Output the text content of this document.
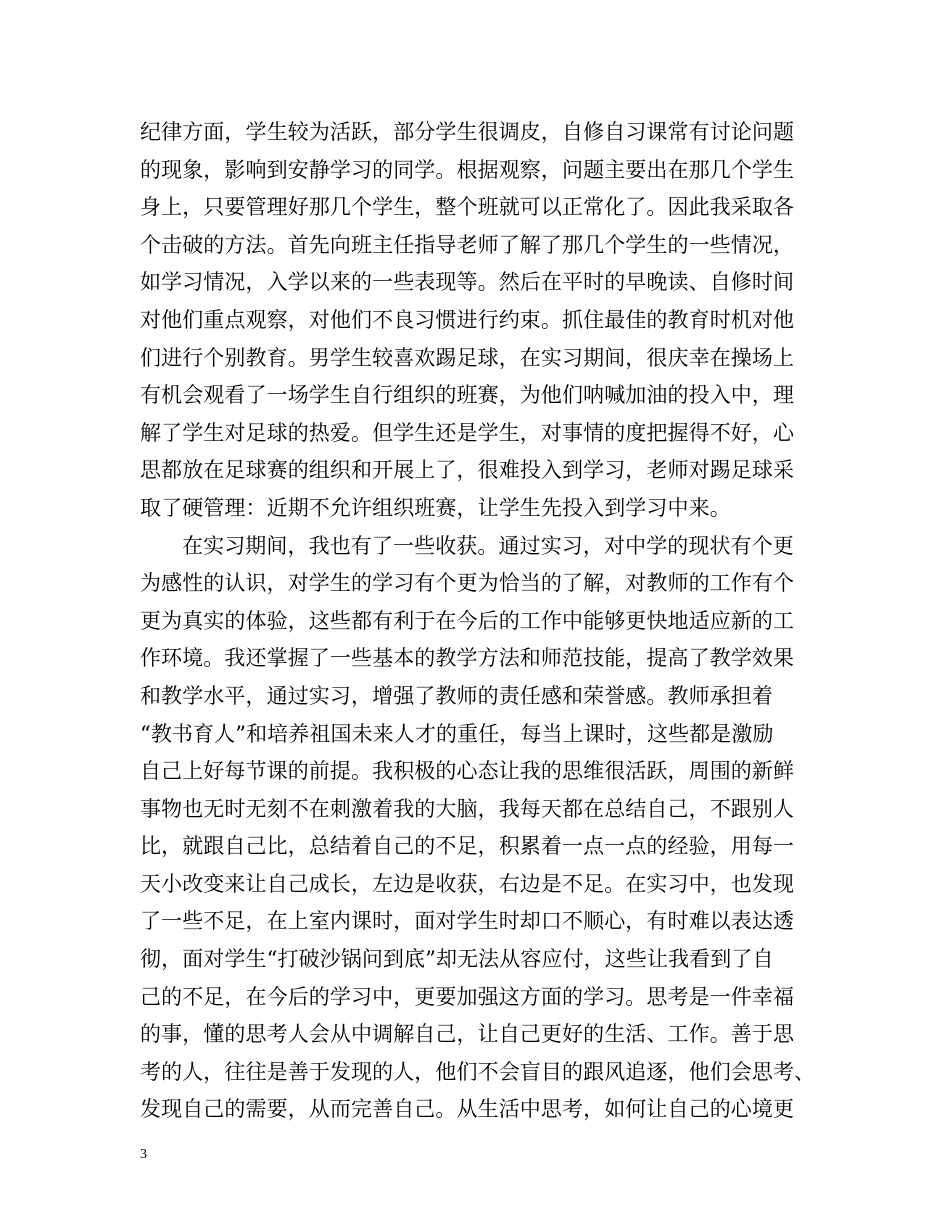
纪律方面，学生较为活跃，部分学生很调皮，自修自习课常有讨论问题
的现象，影响到安静学习的同学。根据观察，问题主要出在那几个学生
身上，只要管理好那几个学生，整个班就可以正常化了。因此我采取各
个击破的方法。首先向班主任指导老师了解了那几个学生的一些情况，
如学习情况，入学以来的一些表现等。然后在平时的早晚读、自修时间
对他们重点观察，对他们不良习惯进行约束。抓住最佳的教育时机对他
们进行个别教育。男学生较喜欢踢足球，在实习期间，很庆幸在操场上
有机会观看了一场学生自行组织的班赛，为他们呐喊加油的投入中，理
解了学生对足球的热爱。但学生还是学生，对事情的度把握得不好，心
思都放在足球赛的组织和开展上了，很难投入到学习，老师对踢足球采
取了硬管理：近期不允许组织班赛，让学生先投入到学习中来。
在实习期间，我也有了一些收获。通过实习，对中学的现状有个更
为感性的认识，对学生的学习有个更为恰当的了解，对教师的工作有个
更为真实的体验，这些都有利于在今后的工作中能够更快地适应新的工
作环境。我还掌握了一些基本的教学方法和师范技能，提高了教学效果
和教学水平，通过实习，增强了教师的责任感和荣誉感。教师承担着
“教书育人”和培养祖国未来人才的重任，每当上课时，这些都是激励
自己上好每节课的前提。我积极的心态让我的思维很活跃，周围的新鲜
事物也无时无刻不在刺激着我的大脑，我每天都在总结自己，不跟别人
比，就跟自己比，总结着自己的不足，积累着一点一点的经验，用每一
天小改变来让自己成长，左边是收获，右边是不足。在实习中，也发现
了一些不足，在上室内课时，面对学生时却口不顺心，有时难以表达透
彻，面对学生“打破沙锅问到底”却无法从容应付，这些让我看到了自
己的不足，在今后的学习中，更要加强这方面的学习。思考是一件幸福
的事，懂的思考人会从中调解自己，让自己更好的生活、工作。善于思
考的人，往往是善于发现的人，他们不会盲目的跟风追逐，他们会思考、
发现自己的需要，从而完善自己。从生活中思考，如何让自己的心境更
3
